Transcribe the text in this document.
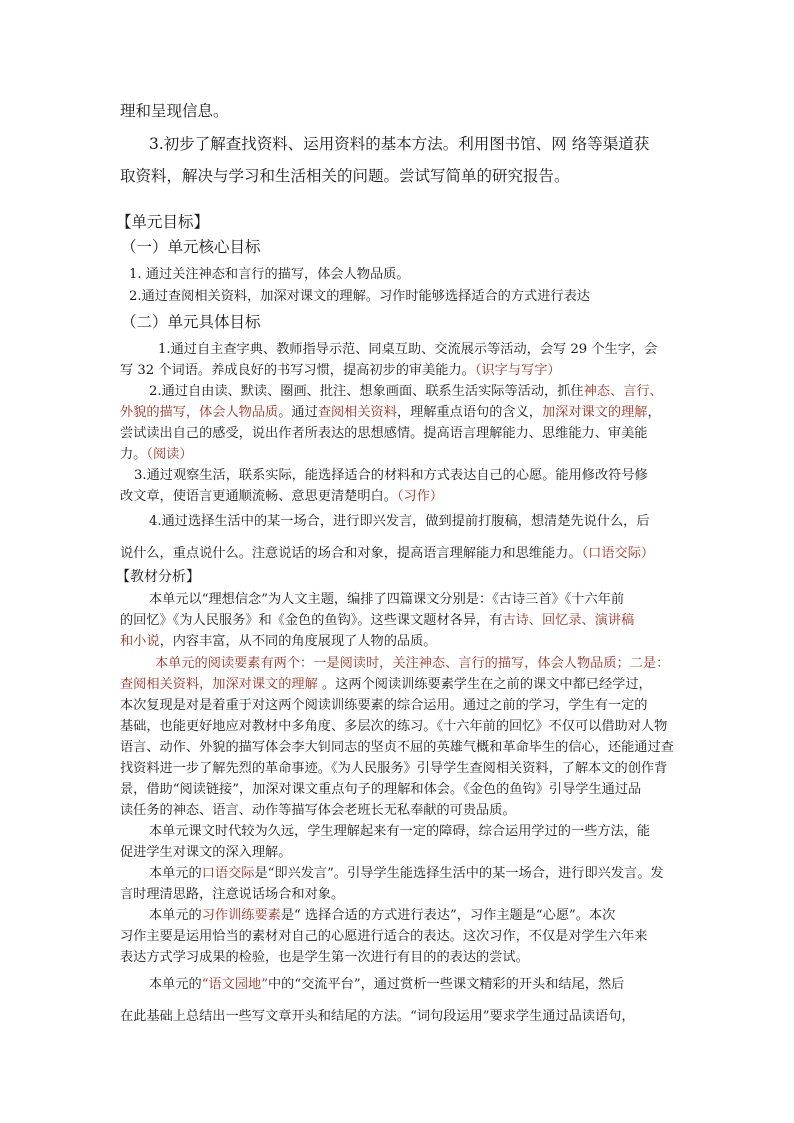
理和呈现信息。
3.初步了解查找资料、运用资料的基本方法。利用图书馆、网 络等渠道获
取资料，解决与学习和生活相关的问题。尝试写简单的研究报告。
【单元目标】
（一）单元核心目标
1. 通过关注神态和言行的描写，体会人物品质。
2.通过查阅相关资料，加深对课文的理解。习作时能够选择适合的方式进行表达
（二）单元具体目标
1.通过自主查字典、教师指导示范、同桌互助、交流展示等活动，会写 29 个生字，会
写 32 个词语。养成良好的书写习惯，提高初步的审美能力。（识字与写字）
2.通过自由读、默读、圈画、批注、想象画面、联系生活实际等活动，抓住神态、言行、
外貌的描写，体会人物品质。通过查阅相关资料，理解重点语句的含义，加深对课文的理解，
尝试读出自己的感受，说出作者所表达的思想感情。提高语言理解能力、思维能力、审美能
力。（阅读）
3.通过观察生活，联系实际，能选择适合的材料和方式表达自己的心愿。能用修改符号修
改文章，使语言更通顺流畅、意思更清楚明白。（习作）
4.通过选择生活中的某一场合，进行即兴发言，做到提前打腹稿，想清楚先说什么，后
说什么，重点说什么。注意说话的场合和对象，提高语言理解能力和思维能力。（口语交际）
【教材分析】
本单元以“理想信念”为人文主题，编排了四篇课文分别是：《古诗三首》《十六年前
的回忆》《为人民服务》和《金色的鱼钩》。这些课文题材各异，有古诗、回忆录、演讲稿
和小说，内容丰富，从不同的角度展现了人物的品质。
本单元的阅读要素有两个：一是阅读时，关注神态、言行的描写，体会人物品质；二是：
查阅相关资料，加深对课文的理解 。这两个阅读训练要素学生在之前的课文中都已经学过，
本次复现是对是着重于对这两个阅读训练要素的综合运用。通过之前的学习，学生有一定的
基础，也能更好地应对教材中多角度、多层次的练习。《十六年前的回忆》不仅可以借助对人物
语言、动作、外貌的描写体会李大钊同志的坚贞不屈的英雄气概和革命毕生的信心，还能通过查
找资料进一步了解先烈的革命事迹。《为人民服务》引导学生查阅相关资料，了解本文的创作背
景，借助“阅读链接”，加深对课文重点句子的理解和体会。《金色的鱼钩》引导学生通过品
读任务的神态、语言、动作等描写体会老班长无私奉献的可贵品质。
本单元课文时代较为久远，学生理解起来有一定的障碍，综合运用学过的一些方法，能
促进学生对课文的深入理解。
本单元的口语交际是“即兴发言”。引导学生能选择生活中的某一场合，进行即兴发言。发
言时理清思路，注意说话场合和对象。
本单元的习作训练要素是“ 选择合适的方式进行表达”，习作主题是“心愿”。本次
习作主要是运用恰当的素材对自己的心愿进行适合的表达。这次习作，不仅是对学生六年来
表达方式学习成果的检验，也是学生第一次进行有目的的表达的尝试。
本单元的“语文园地”中的“交流平台”，通过赏析一些课文精彩的开头和结尾，然后
在此基础上总结出一些写文章开头和结尾的方法。“词句段运用”要求学生通过品读语句，
